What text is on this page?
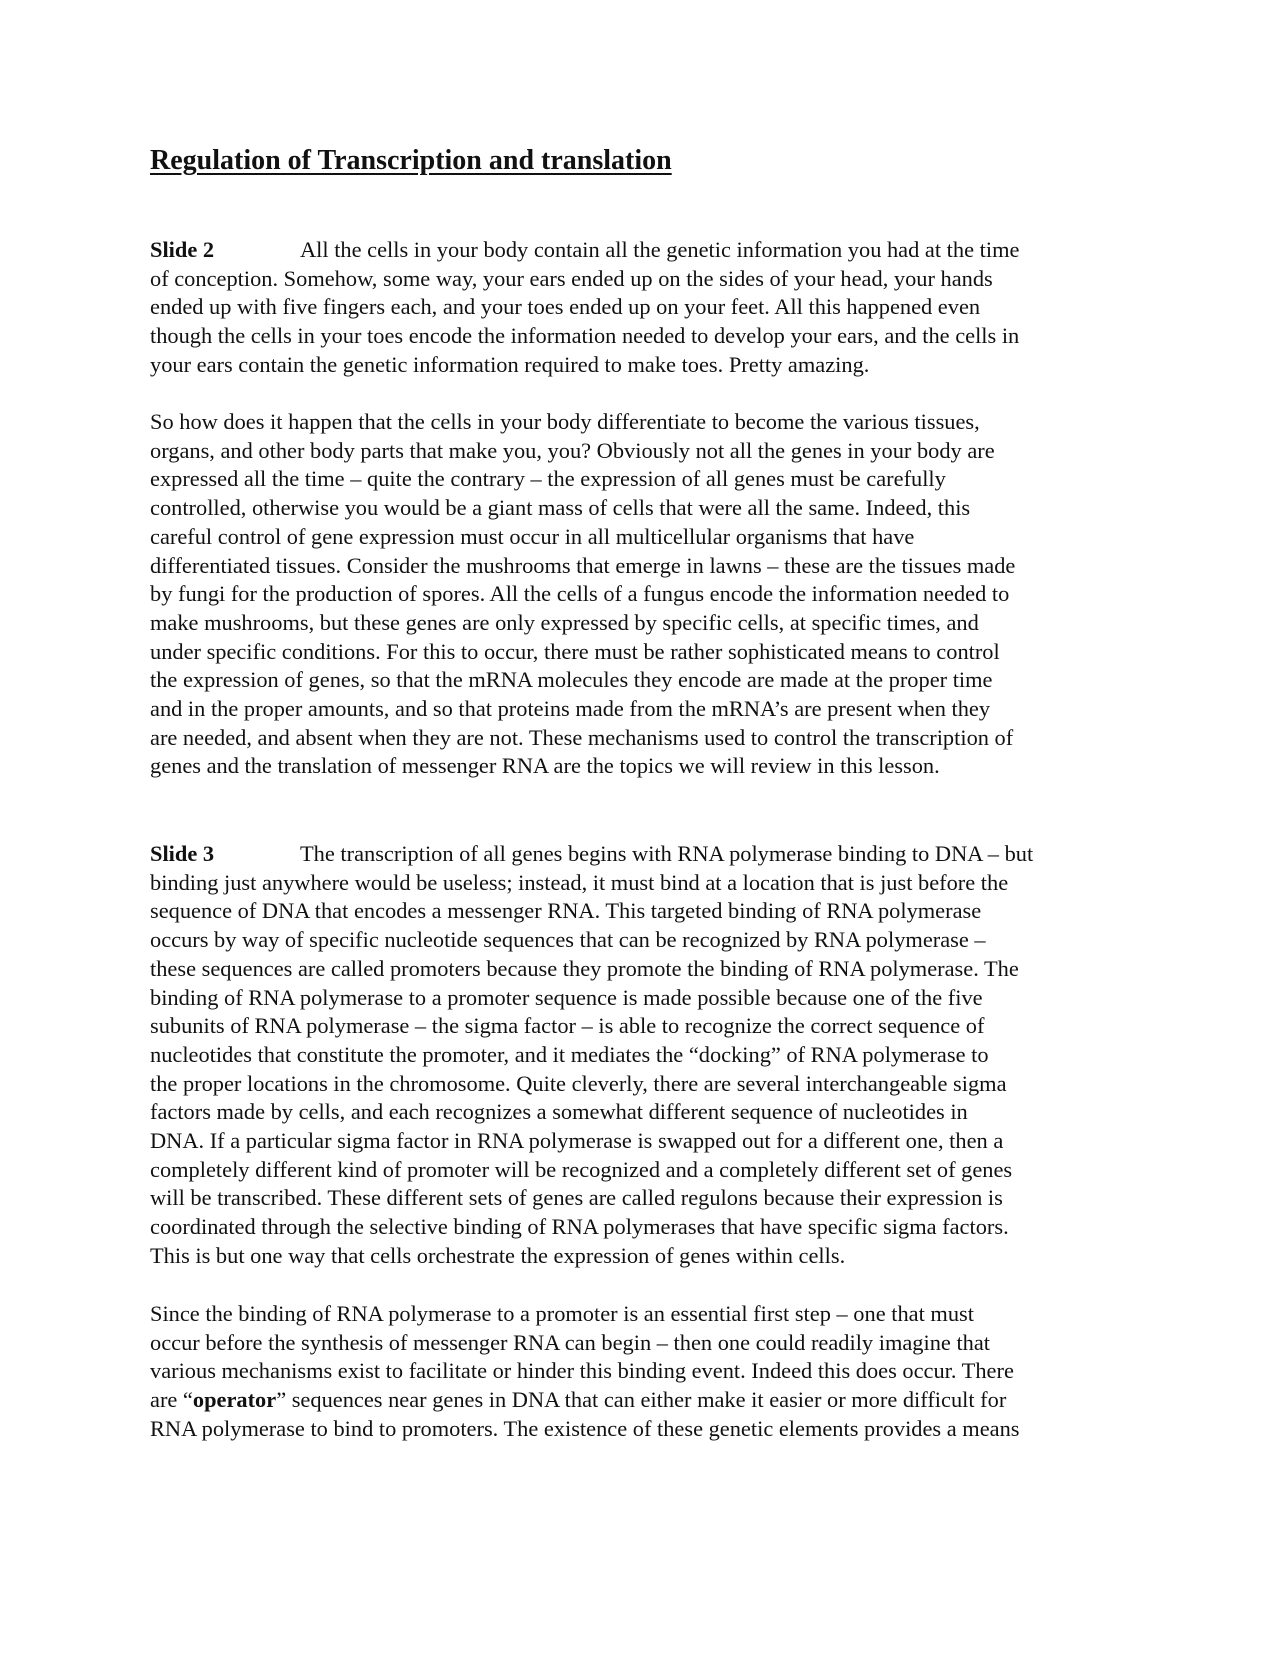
Regulation of Transcription and translation
Slide 2	All the cells in your body contain all the genetic information you had at the time
of conception. Somehow, some way, your ears ended up on the sides of your head, your hands
ended up with five fingers each, and your toes ended up on your feet. All this happened even
though the cells in your toes encode the information needed to develop your ears, and the cells in
your ears contain the genetic information required to make toes. Pretty amazing.
So how does it happen that the cells in your body differentiate to become the various tissues,
organs, and other body parts that make you, you? Obviously not all the genes in your body are
expressed all the time – quite the contrary – the expression of all genes must be carefully
controlled, otherwise you would be a giant mass of cells that were all the same. Indeed, this
careful control of gene expression must occur in all multicellular organisms that have
differentiated tissues. Consider the mushrooms that emerge in lawns – these are the tissues made
by fungi for the production of spores. All the cells of a fungus encode the information needed to
make mushrooms, but these genes are only expressed by specific cells, at specific times, and
under specific conditions. For this to occur, there must be rather sophisticated means to control
the expression of genes, so that the mRNA molecules they encode are made at the proper time
and in the proper amounts, and so that proteins made from the mRNA’s are present when they
are needed, and absent when they are not. These mechanisms used to control the transcription of
genes and the translation of messenger RNA are the topics we will review in this lesson.
Slide 3	The transcription of all genes begins with RNA polymerase binding to DNA – but
binding just anywhere would be useless; instead, it must bind at a location that is just before the
sequence of DNA that encodes a messenger RNA. This targeted binding of RNA polymerase
occurs by way of specific nucleotide sequences that can be recognized by RNA polymerase –
these sequences are called promoters because they promote the binding of RNA polymerase. The
binding of RNA polymerase to a promoter sequence is made possible because one of the five
subunits of RNA polymerase – the sigma factor – is able to recognize the correct sequence of
nucleotides that constitute the promoter, and it mediates the “docking” of RNA polymerase to
the proper locations in the chromosome. Quite cleverly, there are several interchangeable sigma
factors made by cells, and each recognizes a somewhat different sequence of nucleotides in
DNA. If a particular sigma factor in RNA polymerase is swapped out for a different one, then a
completely different kind of promoter will be recognized and a completely different set of genes
will be transcribed. These different sets of genes are called regulons because their expression is
coordinated through the selective binding of RNA polymerases that have specific sigma factors.
This is but one way that cells orchestrate the expression of genes within cells.
Since the binding of RNA polymerase to a promoter is an essential first step – one that must
occur before the synthesis of messenger RNA can begin – then one could readily imagine that
various mechanisms exist to facilitate or hinder this binding event. Indeed this does occur. There
are “operator” sequences near genes in DNA that can either make it easier or more difficult for
RNA polymerase to bind to promoters. The existence of these genetic elements provides a means
